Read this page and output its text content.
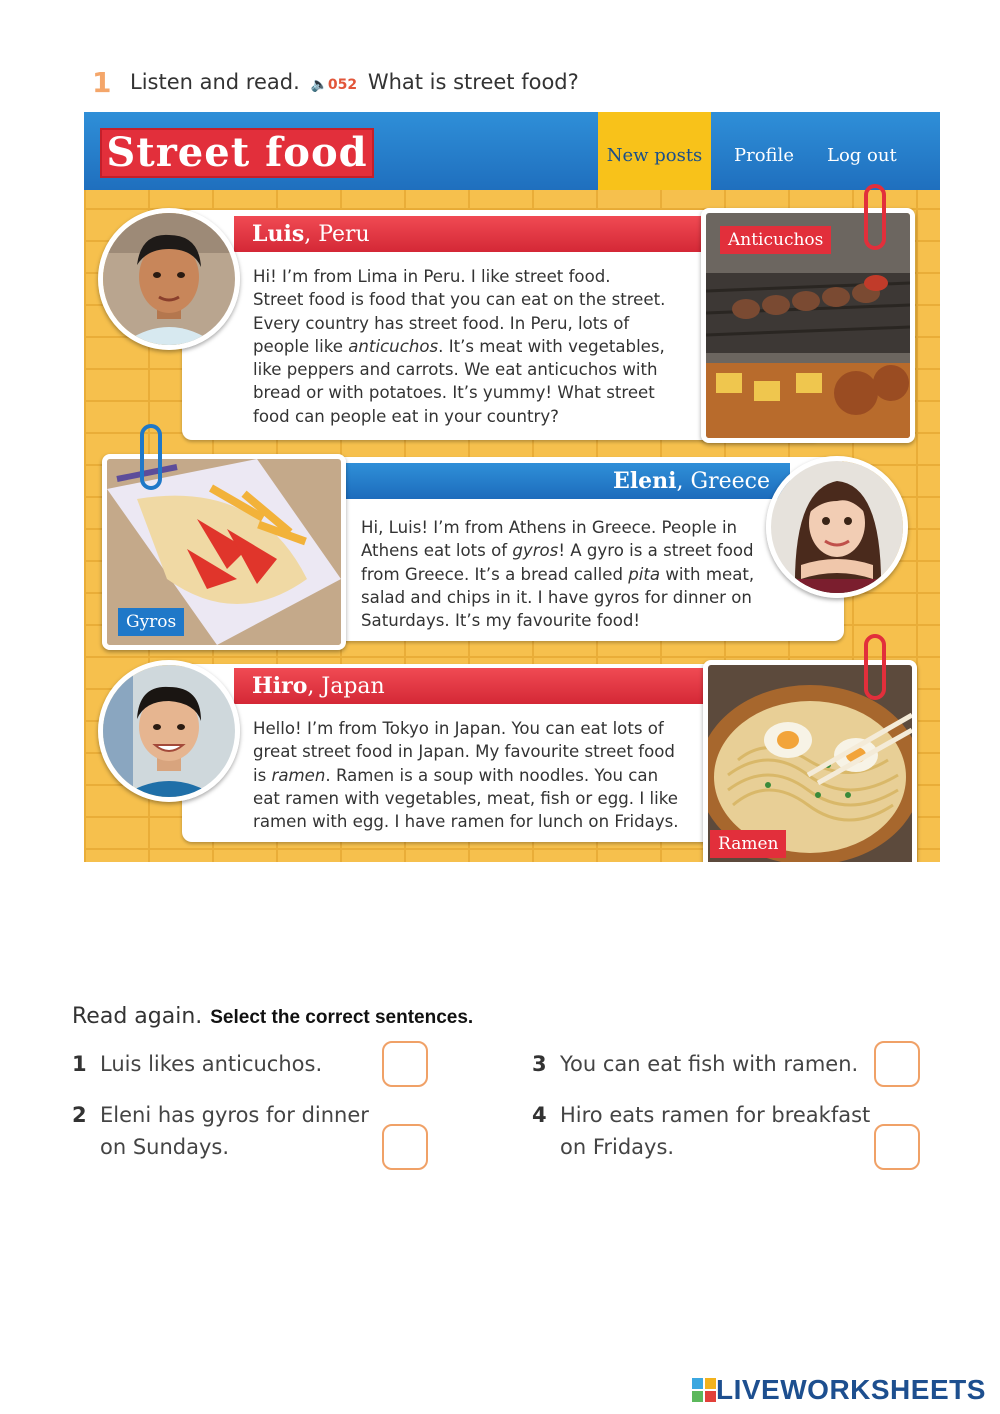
1 Listen and read. 🔈052 What is street food?
Street food	New posts	Profile Log out
Luis, Peru
Hi! I’m from Lima in Peru. I like street food.
Street food is food that you can eat on the street.
Every country has street food. In Peru, lots of
people like anticuchos. It’s meat with vegetables,
like peppers and carrots. We eat anticuchos with
bread or with potatoes. It’s yummy! What street
food can people eat in your country?
Anticuchos
Eleni, Greece
Hi, Luis! I’m from Athens in Greece. People in
Athens eat lots of gyros! A gyro is a street food
from Greece. It’s a bread called pita with meat,
salad and chips in it. I have gyros for dinner on
Saturdays. It’s my favourite food!
Gyros
Hiro, Japan
Hello! I’m from Tokyo in Japan. You can eat lots of
great street food in Japan. My favourite street food
is ramen. Ramen is a soup with noodles. You can
eat ramen with vegetables, meat, fish or egg. I like
ramen with egg. I have ramen for lunch on Fridays.
Ramen
Read again. Select the correct sentences.
1 Luis likes anticuchos.
2 Eleni has gyros for dinner
on Sundays.
3 You can eat fish with ramen.
4 Hiro eats ramen for breakfast
on Fridays.
LIVEWORKSHEETS
